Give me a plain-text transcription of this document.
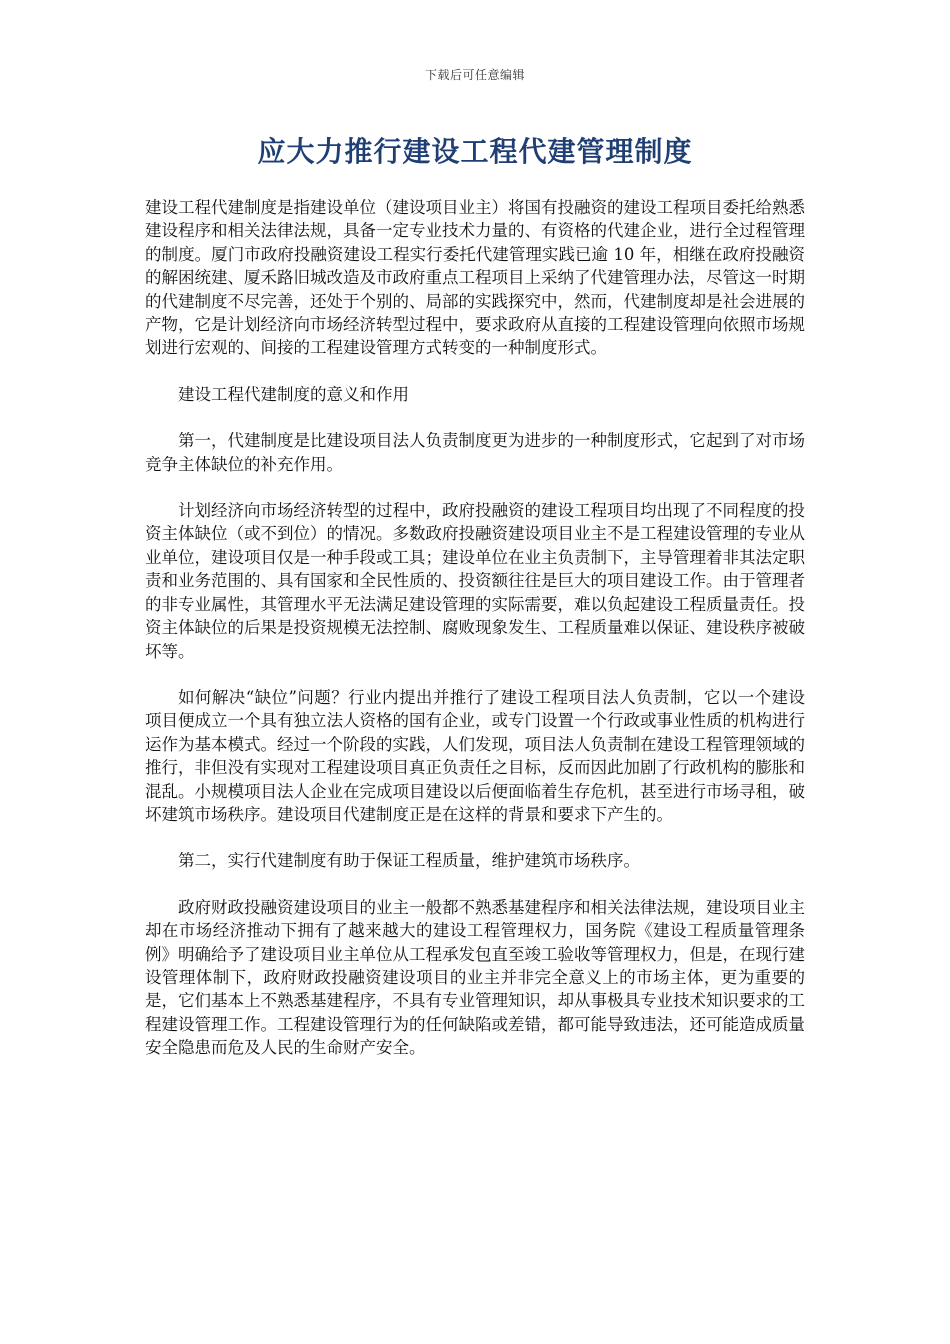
下载后可任意编辑
应大力推行建设工程代建管理制度

建设工程代建制度是指建设单位（建设项目业主）将国有投融资的建设工程项目委托给熟悉建设程序和相关法律法规，具备一定专业技术力量的、有资格的代建企业，进行全过程管理的制度。厦门市政府投融资建设工程实行委托代建管理实践已逾 10 年，相继在政府投融资的解困统建、厦禾路旧城改造及市政府重点工程项目上采纳了代建管理办法，尽管这一时期的代建制度不尽完善，还处于个别的、局部的实践探究中，然而，代建制度却是社会进展的产物，它是计划经济向市场经济转型过程中，要求政府从直接的工程建设管理向依照市场规划进行宏观的、间接的工程建设管理方式转变的一种制度形式。

建设工程代建制度的意义和作用

第一，代建制度是比建设项目法人负责制度更为进步的一种制度形式，它起到了对市场竞争主体缺位的补充作用。

计划经济向市场经济转型的过程中，政府投融资的建设工程项目均出现了不同程度的投资主体缺位（或不到位）的情况。多数政府投融资建设项目业主不是工程建设管理的专业从业单位，建设项目仅是一种手段或工具；建设单位在业主负责制下，主导管理着非其法定职责和业务范围的、具有国家和全民性质的、投资额往往是巨大的项目建设工作。由于管理者的非专业属性，其管理水平无法满足建设管理的实际需要，难以负起建设工程质量责任。投资主体缺位的后果是投资规模无法控制、腐败现象发生、工程质量难以保证、建设秩序被破坏等。

如何解决“缺位”问题？行业内提出并推行了建设工程项目法人负责制，它以一个建设项目便成立一个具有独立法人资格的国有企业，或专门设置一个行政或事业性质的机构进行运作为基本模式。经过一个阶段的实践，人们发现，项目法人负责制在建设工程管理领域的推行，非但没有实现对工程建设项目真正负责任之目标，反而因此加剧了行政机构的膨胀和混乱。小规模项目法人企业在完成项目建设以后便面临着生存危机，甚至进行市场寻租，破坏建筑市场秩序。建设项目代建制度正是在这样的背景和要求下产生的。

第二，实行代建制度有助于保证工程质量，维护建筑市场秩序。

政府财政投融资建设项目的业主一般都不熟悉基建程序和相关法律法规，建设项目业主却在市场经济推动下拥有了越来越大的建设工程管理权力，国务院《建设工程质量管理条例》明确给予了建设项目业主单位从工程承发包直至竣工验收等管理权力，但是，在现行建设管理体制下，政府财政投融资建设项目的业主并非完全意义上的市场主体，更为重要的是，它们基本上不熟悉基建程序，不具有专业管理知识，却从事极具专业技术知识要求的工程建设管理工作。工程建设管理行为的任何缺陷或差错，都可能导致违法，还可能造成质量安全隐患而危及人民的生命财产安全。
